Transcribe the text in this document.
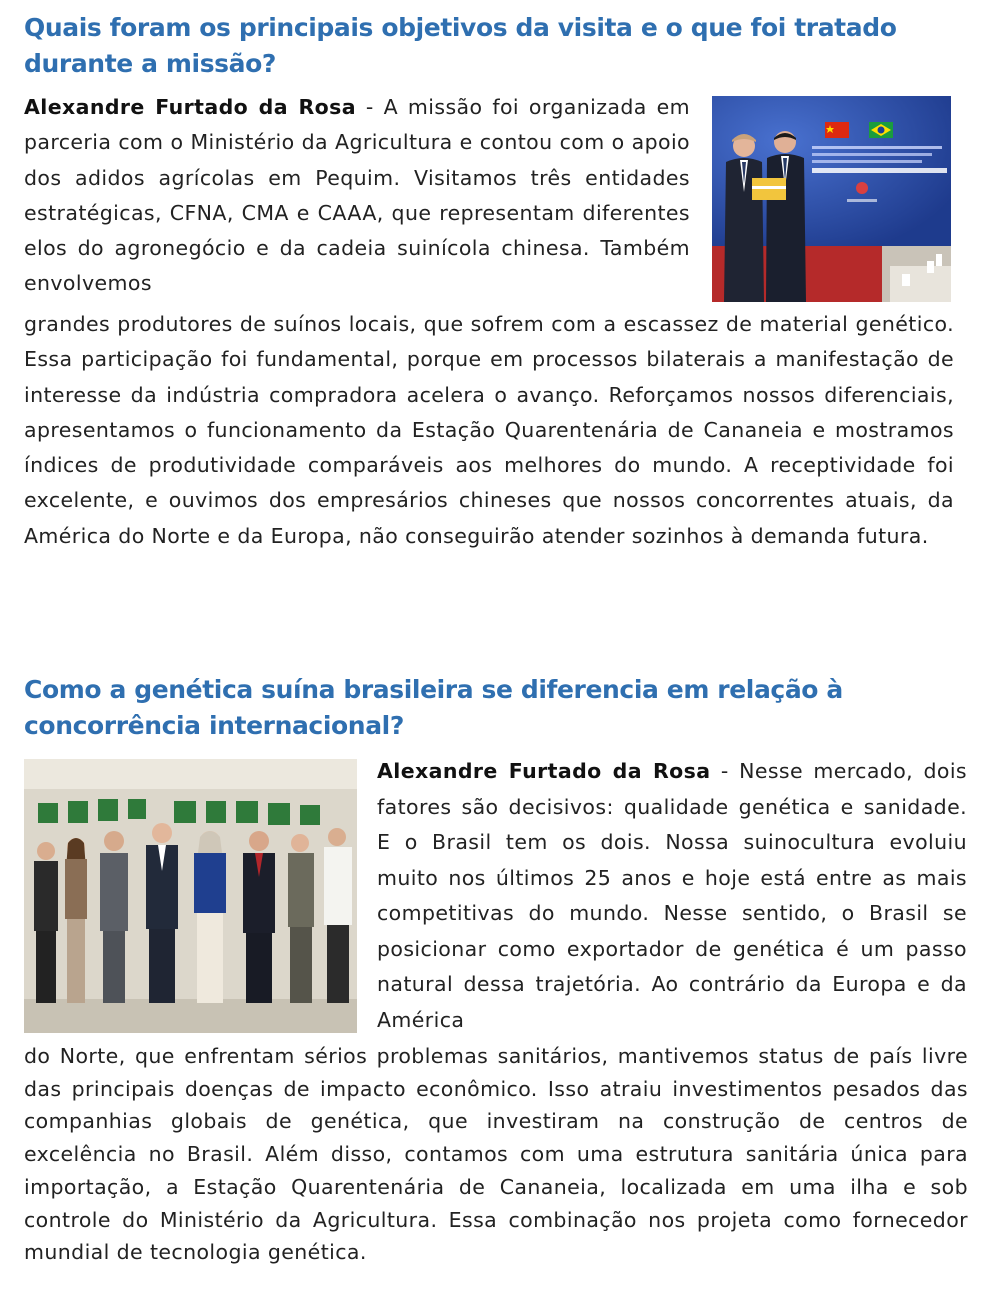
Quais foram os principais objetivos da visita e o que foi tratado durante a missão?

Alexandre Furtado da Rosa - A missão foi organizada em parceria com o Ministério da Agricultura e contou com o apoio dos adidos agrícolas em Pequim. Visitamos três entidades estratégicas, CFNA, CMA e CAAA, que representam diferentes elos do agronegócio e da cadeia suinícola chinesa. Também envolvemos

grandes produtores de suínos locais, que sofrem com a escassez de material genético. Essa participação foi fundamental, porque em processos bilaterais a manifestação de interesse da indústria compradora acelera o avanço. Reforçamos nossos diferenciais, apresentamos o funcionamento da Estação Quarentenária de Cananeia e mostramos índices de produtividade comparáveis aos melhores do mundo. A receptividade foi excelente, e ouvimos dos empresários chineses que nossos concorrentes atuais, da América do Norte e da Europa, não conseguirão atender sozinhos à demanda futura.

Como a genética suína brasileira se diferencia em relação à concorrência internacional?

Alexandre Furtado da Rosa - Nesse mercado, dois fatores são decisivos: qualidade genética e sanidade. E o Brasil tem os dois. Nossa suinocultura evoluiu muito nos últimos 25 anos e hoje está entre as mais competitivas do mundo. Nesse sentido, o Brasil se posicionar como exportador de genética é um passo natural dessa trajetória. Ao contrário da Europa e da América

do Norte, que enfrentam sérios problemas sanitários, mantivemos status de país livre das principais doenças de impacto econômico. Isso atraiu investimentos pesados das companhias globais de genética, que investiram na construção de centros de excelência no Brasil. Além disso, contamos com uma estrutura sanitária única para importação, a Estação Quarentenária de Cananeia, localizada em uma ilha e sob controle do Ministério da Agricultura. Essa combinação nos projeta como fornecedor mundial de tecnologia genética.
